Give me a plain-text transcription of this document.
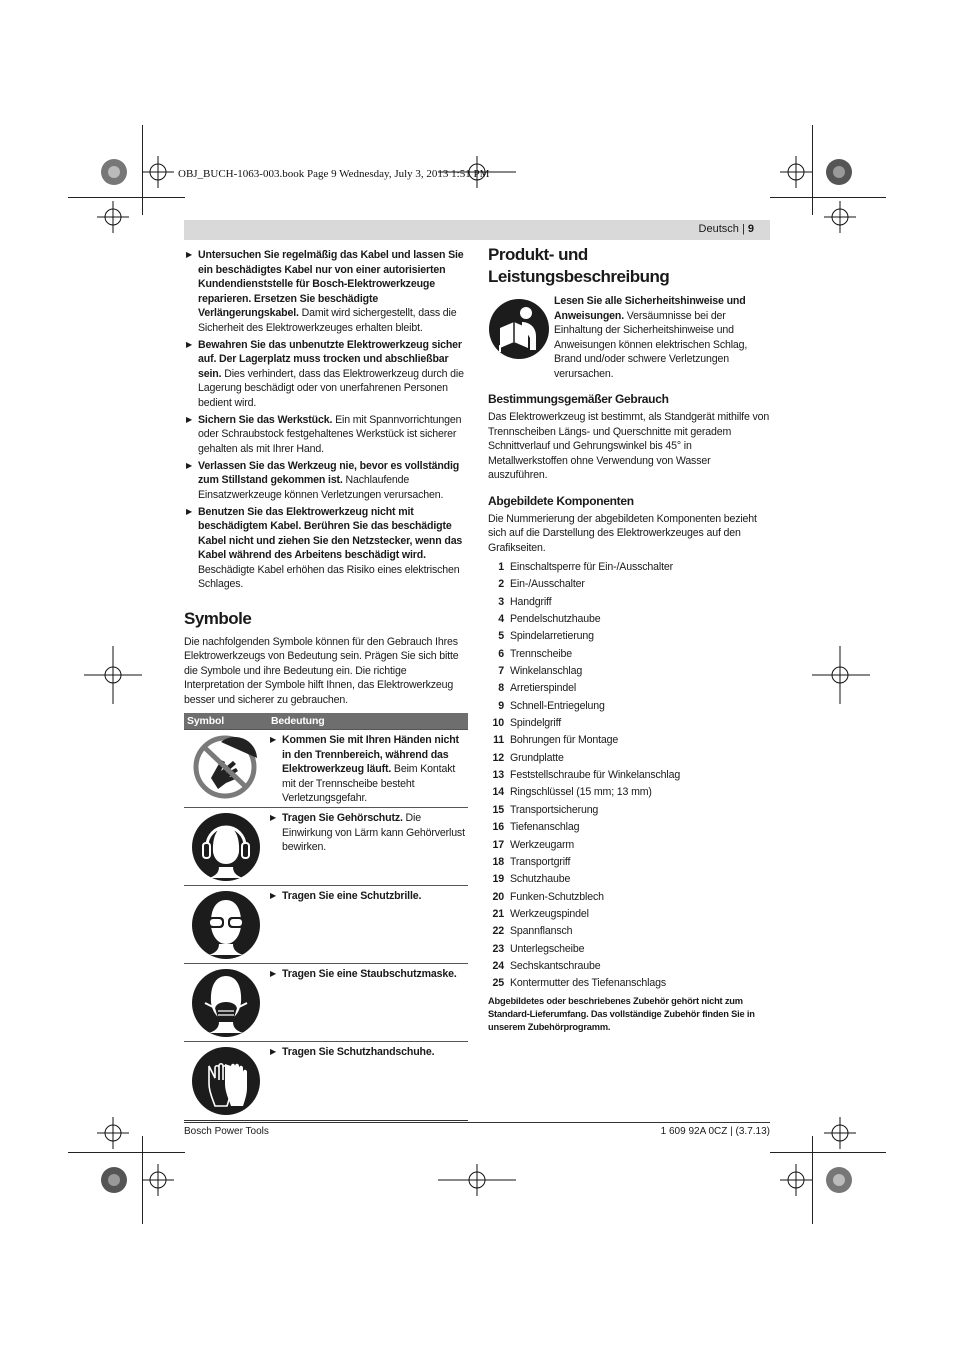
OBJ_BUCH-1063-003.book Page 9 Wednesday, July 3, 2013 1:51 PM
Deutsch | 9
▶ Untersuchen Sie regelmäßig das Kabel und lassen Sie ein beschädigtes Kabel nur von einer autorisierten Kundendienststelle für Bosch-Elektrowerkzeuge reparieren. Ersetzen Sie beschädigte Verlängerungskabel. Damit wird sichergestellt, dass die Sicherheit des Elektrowerkzeuges erhalten bleibt.
▶ Bewahren Sie das unbenutzte Elektrowerkzeug sicher auf. Der Lagerplatz muss trocken und abschließbar sein. Dies verhindert, dass das Elektrowerkzeug durch die Lagerung beschädigt oder von unerfahrenen Personen bedient wird.
▶ Sichern Sie das Werkstück. Ein mit Spannvorrichtungen oder Schraubstock festgehaltenes Werkstück ist sicherer gehalten als mit Ihrer Hand.
▶ Verlassen Sie das Werkzeug nie, bevor es vollständig zum Stillstand gekommen ist. Nachlaufende Einsatzwerkzeuge können Verletzungen verursachen.
▶ Benutzen Sie das Elektrowerkzeug nicht mit beschädigtem Kabel. Berühren Sie das beschädigte Kabel nicht und ziehen Sie den Netzstecker, wenn das Kabel während des Arbeitens beschädigt wird. Beschädigte Kabel erhöhen das Risiko eines elektrischen Schlages.
Symbole

Die nachfolgenden Symbole können für den Gebrauch Ihres Elektrowerkzeugs von Bedeutung sein. Prägen Sie sich bitte die Symbole und ihre Bedeutung ein. Die richtige Interpretation der Symbole hilft Ihnen, das Elektrowerkzeug besser und sicherer zu gebrauchen.

Symbol	Bedeutung
▶ Kommen Sie mit Ihren Händen nicht in den Trennbereich, während das Elektrowerkzeug läuft. Beim Kontakt mit der Trennscheibe besteht Verletzungsgefahr.
▶ Tragen Sie Gehörschutz. Die Einwirkung von Lärm kann Gehörverlust bewirken.
▶ Tragen Sie eine Schutzbrille.
▶ Tragen Sie eine Staubschutzmaske.
▶ Tragen Sie Schutzhandschuhe.
Produkt- und Leistungsbeschreibung
Lesen Sie alle Sicherheitshinweise und Anweisungen. Versäumnisse bei der Einhaltung der Sicherheitshinweise und Anweisungen können elektrischen Schlag, Brand und/oder schwere Verletzungen verursachen.
Bestimmungsgemäßer Gebrauch

Das Elektrowerkzeug ist bestimmt, als Standgerät mithilfe von Trennscheiben Längs- und Querschnitte mit geradem Schnittverlauf und Gehrungswinkel bis 45° in Metallwerkstoffen ohne Verwendung von Wasser auszuführen.

Abgebildete Komponenten

Die Nummerierung der abgebildeten Komponenten bezieht sich auf die Darstellung des Elektrowerkzeuges auf den Grafikseiten.

1 Einschaltsperre für Ein-/Ausschalter
2 Ein-/Ausschalter
3 Handgriff
4 Pendelschutzhaube
5 Spindelarretierung
6 Trennscheibe
7 Winkelanschlag
8 Arretierspindel
9 Schnell-Entriegelung
10 Spindelgriff
11 Bohrungen für Montage
12 Grundplatte
13 Feststellschraube für Winkelanschlag
14 Ringschlüssel (15 mm; 13 mm)
15 Transportsicherung
16 Tiefenanschlag
17 Werkzeugarm
18 Transportgriff
19 Schutzhaube
20 Funken-Schutzblech
21 Werkzeugspindel
22 Spannflansch
23 Unterlegscheibe
24 Sechskantschraube
25 Kontermutter des Tiefenanschlags
Abgebildetes oder beschriebenes Zubehör gehört nicht zum Standard-Lieferumfang. Das vollständige Zubehör finden Sie in unserem Zubehörprogramm.
Bosch Power Tools	1 609 92A 0CZ | (3.7.13)
